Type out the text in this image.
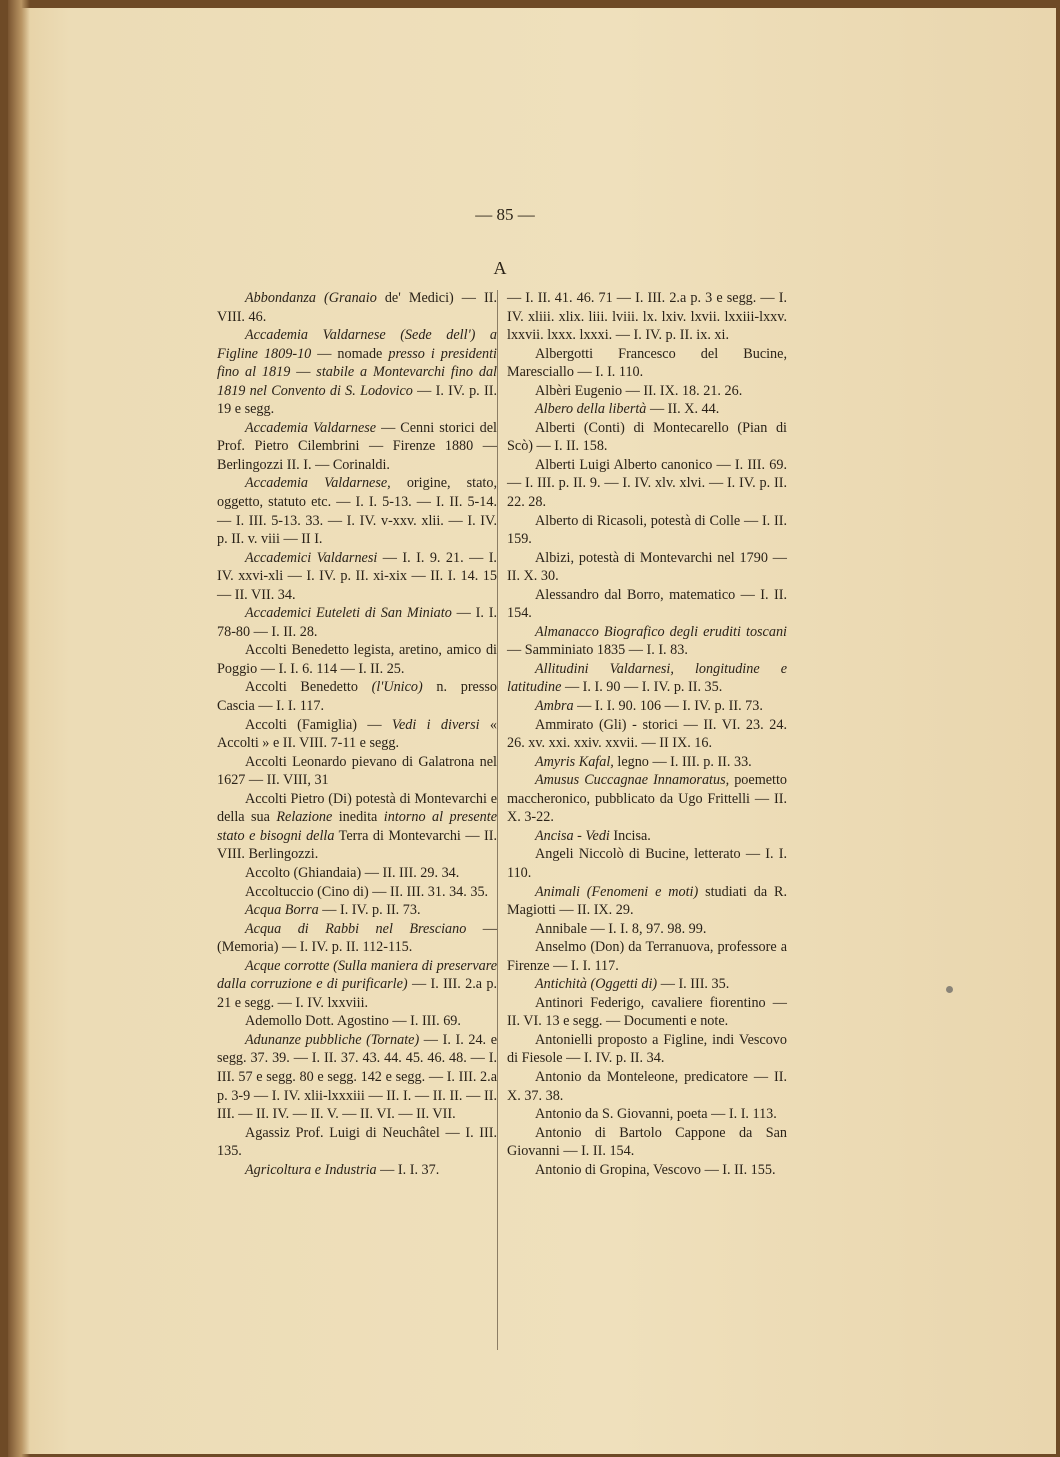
— 85 —
A

Abbondanza (Granaio de' Medici) — II. VIII. 46.

Accademia Valdarnese (Sede dell') a Figline 1809-10 — nomade presso i presidenti fino al 1819 — stabile a Montevarchi fino dal 1819 nel Convento di S. Lodovico — I. IV. p. II. 19 e segg.

Accademia Valdarnese — Cenni storici del Prof. Pietro Cilembrini — Firenze 1880 — Berlingozzi II. I. — Corinaldi.

Accademia Valdarnese, origine, stato, oggetto, statuto etc. — I. I. 5-13. — I. II. 5-14. — I. III. 5-13. 33. — I. IV. v-xxv. xlii. — I. IV. p. II. v. viii — II I.

Accademici Valdarnesi — I. I. 9. 21. — I. IV. xxvi-xli — I. IV. p. II. xi-xix — II. I. 14. 15 — II. VII. 34.

Accademici Euteleti di San Miniato — I. I. 78-80 — I. II. 28.

Accolti Benedetto legista, aretino, amico di Poggio — I. I. 6. 114 — I. II. 25.

Accolti Benedetto (l'Unico) n. presso Cascia — I. I. 117.

Accolti (Famiglia) — Vedi i diversi « Accolti » e II. VIII. 7-11 e segg.

Accolti Leonardo pievano di Galatrona nel 1627 — II. VIII, 31

Accolti Pietro (Di) potestà di Montevarchi e della sua Relazione inedita intorno al presente stato e bisogni della Terra di Montevarchi — II. VIII. Berlingozzi.

Accolto (Ghiandaia) — II. III. 29. 34.

Accoltuccio (Cino di) — II. III. 31. 34. 35.

Acqua Borra — I. IV. p. II. 73.

Acqua di Rabbi nel Bresciano — (Memoria) — I. IV. p. II. 112-115.

Acque corrotte (Sulla maniera di preservare dalla corruzione e di purificarle) — I. III. 2.a p. 21 e segg. — I. IV. lxxviii.

Ademollo Dott. Agostino — I. III. 69.

Adunanze pubbliche (Tornate) — I. I. 24. e segg. 37. 39. — I. II. 37. 43. 44. 45. 46. 48. — I. III. 57 e segg. 80 e segg. 142 e segg. — I. III. 2.a p. 3-9 — I. IV. xlii-lxxxiii — II. I. — II. II. — II. III. — II. IV. — II. V. — II. VI. — II. VII.

Agassiz Prof. Luigi di Neuchâtel — I. III. 135.

Agricoltura e Industria — I. I. 37.

— I. II. 41. 46. 71 — I. III. 2.a p. 3 e segg. — I. IV. xliii. xlix. liii. lviii. lx. lxiv. lxvii. lxxiii-lxxv. lxxvii. lxxx. lxxxi. — I. IV. p. II. ix. xi.

Albergotti Francesco del Bucine, Maresciallo — I. I. 110.

Albèri Eugenio — II. IX. 18. 21. 26.

Albero della libertà — II. X. 44.

Alberti (Conti) di Montecarello (Pian di Scò) — I. II. 158.

Alberti Luigi Alberto canonico — I. III. 69. — I. III. p. II. 9. — I. IV. xlv. xlvi. — I. IV. p. II. 22. 28.

Alberto di Ricasoli, potestà di Colle — I. II. 159.

Albizi, potestà di Montevarchi nel 1790 — II. X. 30.

Alessandro dal Borro, matematico — I. II. 154.

Almanacco Biografico degli eruditi toscani — Samminiato 1835 — I. I. 83.

Allitudini Valdarnesi, longitudine e latitudine — I. I. 90 — I. IV. p. II. 35.

Ambra — I. I. 90. 106 — I. IV. p. II. 73.

Ammirato (Gli) - storici — II. VI. 23. 24. 26. xv. xxi. xxiv. xxvii. — II IX. 16.

Amyris Kafal, legno — I. III. p. II. 33.

Amusus Cuccagnae Innamoratus, poemetto maccheronico, pubblicato da Ugo Frittelli — II. X. 3-22.

Ancisa - Vedi Incisa.

Angeli Niccolò di Bucine, letterato — I. I. 110.

Animali (Fenomeni e moti) studiati da R. Magiotti — II. IX. 29.

Annibale — I. I. 8, 97. 98. 99.

Anselmo (Don) da Terranuova, professore a Firenze — I. I. 117.

Antichità (Oggetti di) — I. III. 35.

Antinori Federigo, cavaliere fiorentino — II. VI. 13 e segg. — Documenti e note.

Antonielli proposto a Figline, indi Vescovo di Fiesole — I. IV. p. II. 34.

Antonio da Monteleone, predicatore — II. X. 37. 38.

Antonio da S. Giovanni, poeta — I. I. 113.

Antonio di Bartolo Cappone da San Giovanni — I. II. 154.

Antonio di Gropina, Vescovo — I. II. 155.
